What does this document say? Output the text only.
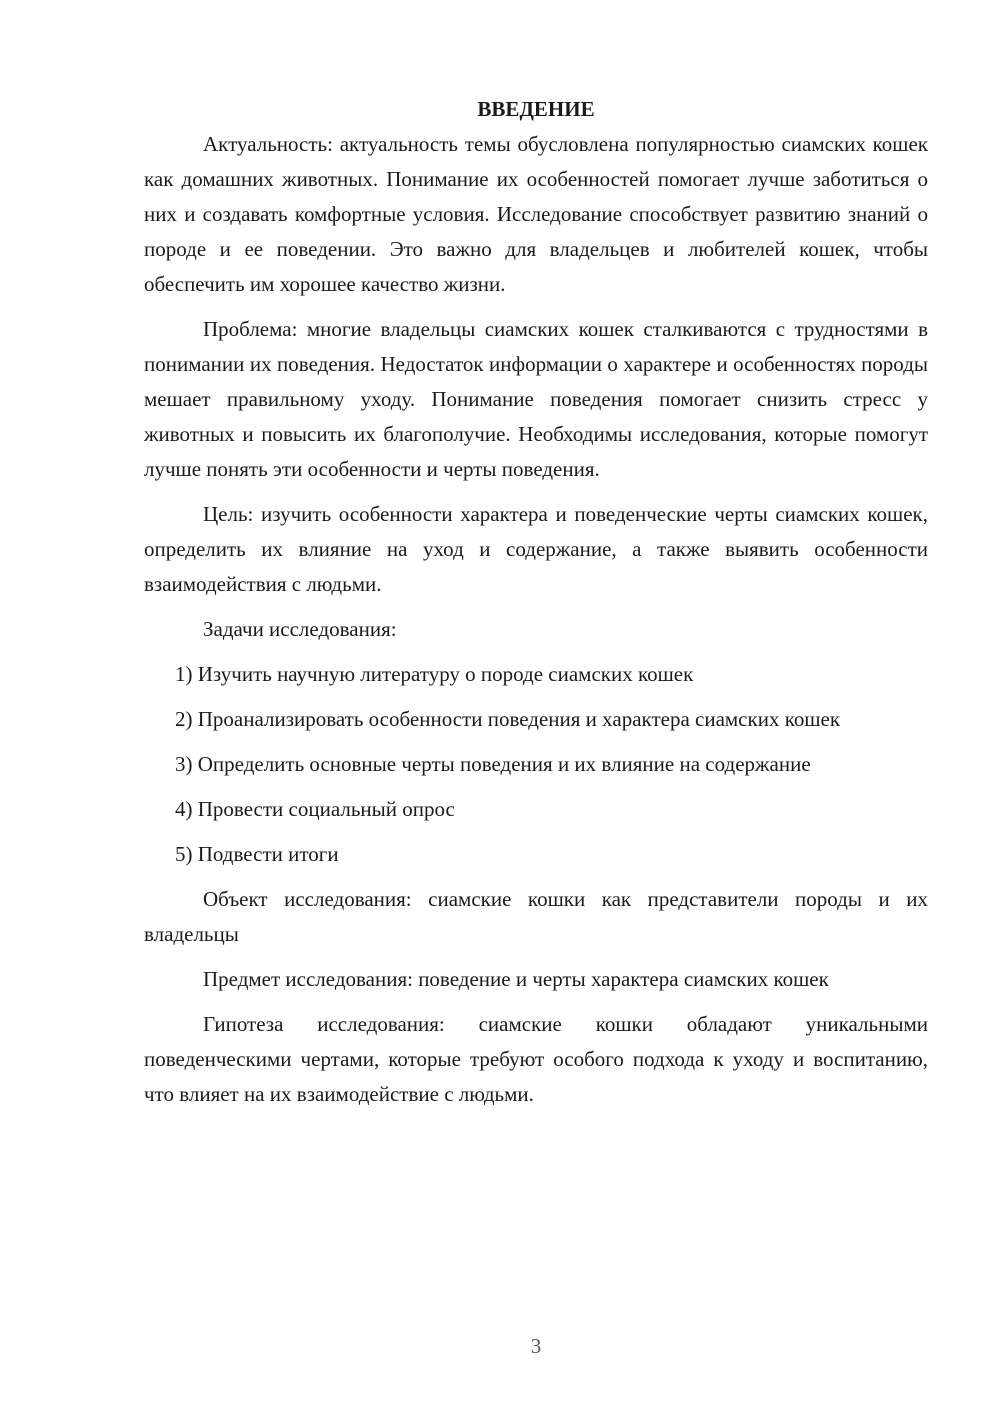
ВВЕДЕНИЕ

Актуальность: актуальность темы обусловлена популярностью сиамских кошек как домашних животных. Понимание их особенностей помогает лучше заботиться о них и создавать комфортные условия. Исследование способствует развитию знаний о породе и ее поведении. Это важно для владельцев и любителей кошек, чтобы обеспечить им хорошее качество жизни.

Проблема: многие владельцы сиамских кошек сталкиваются с трудностями в понимании их поведения. Недостаток информации о характере и особенностях породы мешает правильному уходу. Понимание поведения помогает снизить стресс у животных и повысить их благополучие. Необходимы исследования, которые помогут лучше понять эти особенности и черты поведения.

Цель: изучить особенности характера и поведенческие черты сиамских кошек, определить их влияние на уход и содержание, а также выявить особенности взаимодействия с людьми.

Задачи исследования:

1) Изучить научную литературу о породе сиамских кошек

2) Проанализировать особенности поведения и характера сиамских кошек

3) Определить основные черты поведения и их влияние на содержание

4) Провести социальный опрос

5) Подвести итоги

Объект исследования: сиамские кошки как представители породы и их владельцы

Предмет исследования: поведение и черты характера сиамских кошек

Гипотеза исследования: сиамские кошки обладают уникальными поведенческими чертами, которые требуют особого подхода к уходу и воспитанию, что влияет на их взаимодействие с людьми.

3
